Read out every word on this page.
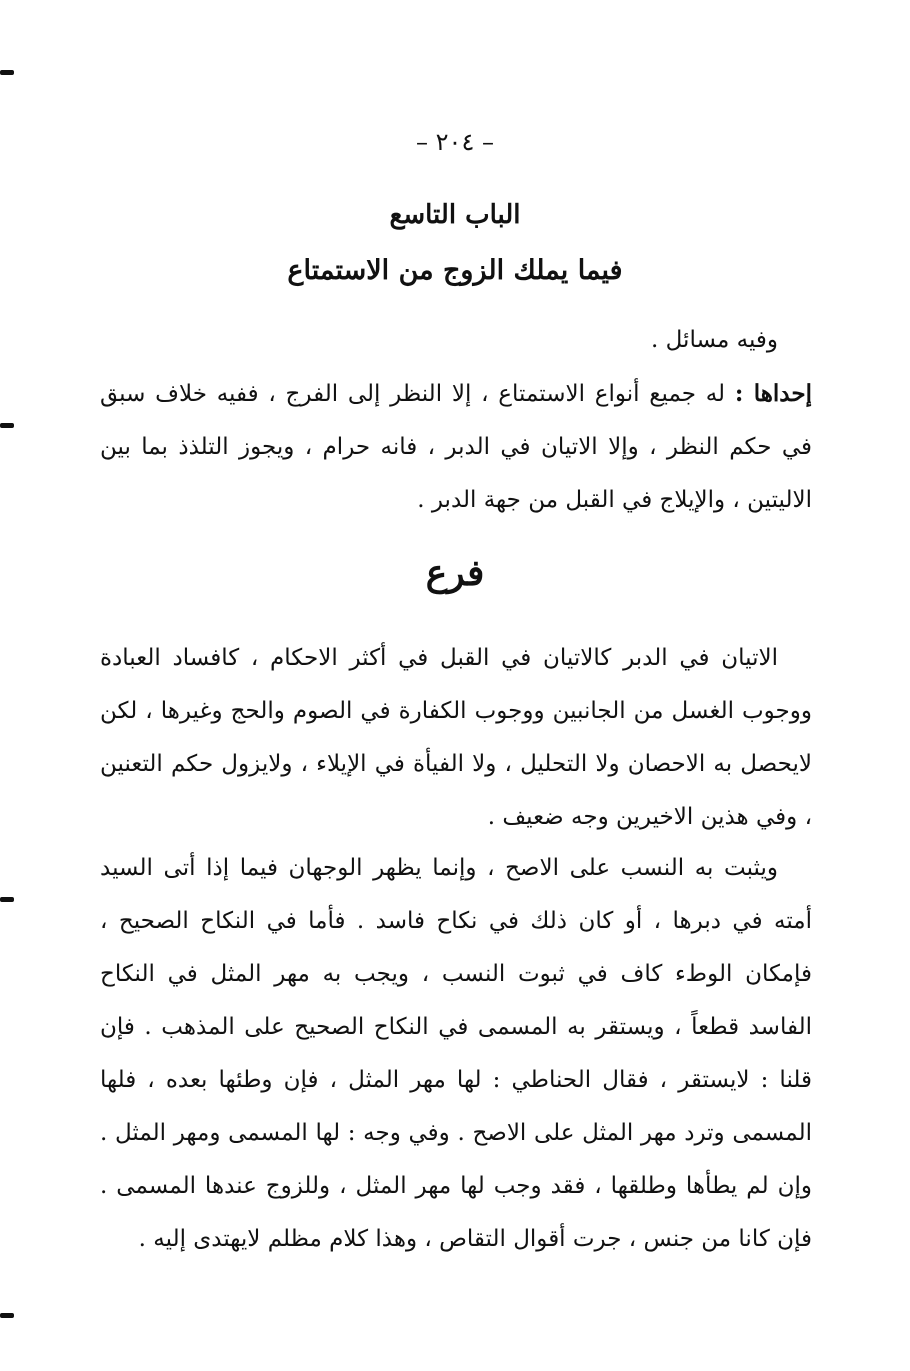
– ٢٠٤ –
الباب التاسع
فيما يملك الزوج من الاستمتاع
وفيه مسائل .
إحداها : له جميع أنواع الاستمتاع ، إلا النظر إلى الفرج ، ففيه خلاف سبق في حكم النظر ، وإلا الاتيان في الدبر ، فانه حرام ، ويجوز التلذذ بما بين الاليتين ، والإيلاج في القبل من جهة الدبر .
فرع
الاتيان في الدبر كالاتيان في القبل في أكثر الاحكام ، كافساد العبادة ووجوب الغسل من الجانبين ووجوب الكفارة في الصوم والحج وغيرها ، لكن لايحصل به الاحصان ولا التحليل ، ولا الفيأة في الإيلاء ، ولايزول حكم التعنين ، وفي هذين الاخيرين وجه ضعيف .
ويثبت به النسب على الاصح ، وإنما يظهر الوجهان فيما إذا أتى السيد أمته في دبرها ، أو كان ذلك في نكاح فاسد . فأما في النكاح الصحيح ، فإمكان الوطء كاف في ثبوت النسب ، ويجب به مهر المثل في النكاح الفاسد قطعاً ، ويستقر به المسمى في النكاح الصحيح على المذهب . فإن قلنا : لايستقر ، فقال الحناطي : لها مهر المثل ، فإن وطئها بعده ، فلها المسمى وترد مهر المثل على الاصح . وفي وجه : لها المسمى ومهر المثل . وإن لم يطأها وطلقها ، فقد وجب لها مهر المثل ، وللزوج عندها المسمى . فإن كانا من جنس ، جرت أقوال التقاص ، وهذا كلام مظلم لايهتدى إليه .
